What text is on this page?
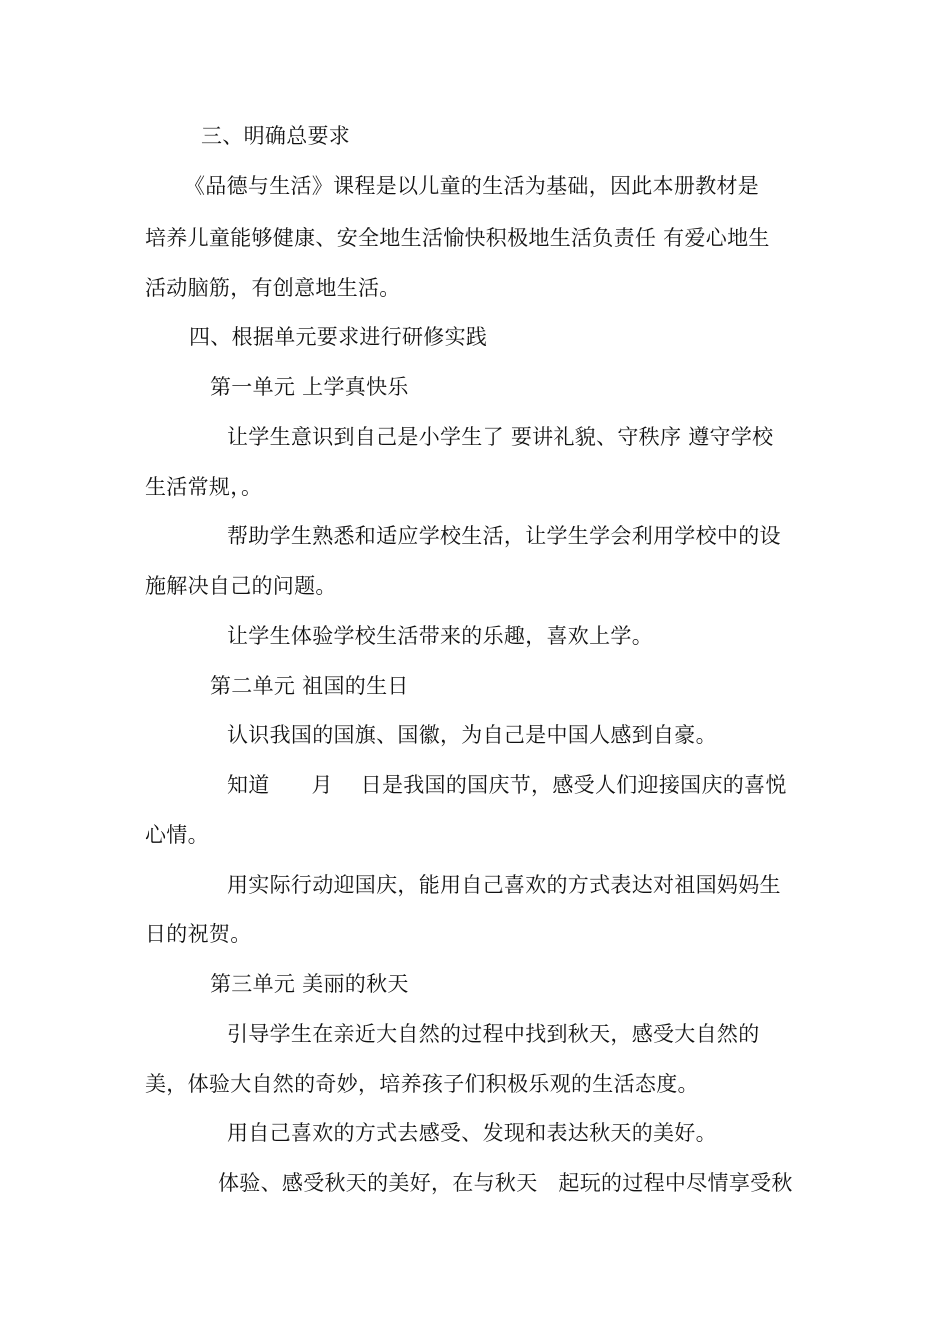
三、明确总要求
《品德与生活》课程是以儿童的生活为基础，因此本册教材是
培养儿童能够健康、安全地生活愉快积极地生活负责任 有爱心地生
活动脑筋，有创意地生活。
四、根据单元要求进行研修实践
第一单元 上学真快乐
让学生意识到自己是小学生了 要讲礼貌、守秩序 遵守学校
生活常规，。
帮助学生熟悉和适应学校生活，让学生学会利用学校中的设
施解决自己的问题。
让学生体验学校生活带来的乐趣，喜欢上学。
第二单元 祖国的生日
认识我国的国旗、国徽，为自己是中国人感到自豪。
知道      月    日是我国的国庆节，感受人们迎接国庆的喜悦
心情。
用实际行动迎国庆，能用自己喜欢的方式表达对祖国妈妈生
日的祝贺。
第三单元 美丽的秋天
引导学生在亲近大自然的过程中找到秋天，感受大自然的
美，体验大自然的奇妙，培养孩子们积极乐观的生活态度。
用自己喜欢的方式去感受、发现和表达秋天的美好。
体验、感受秋天的美好，在与秋天   起玩的过程中尽情享受秋
